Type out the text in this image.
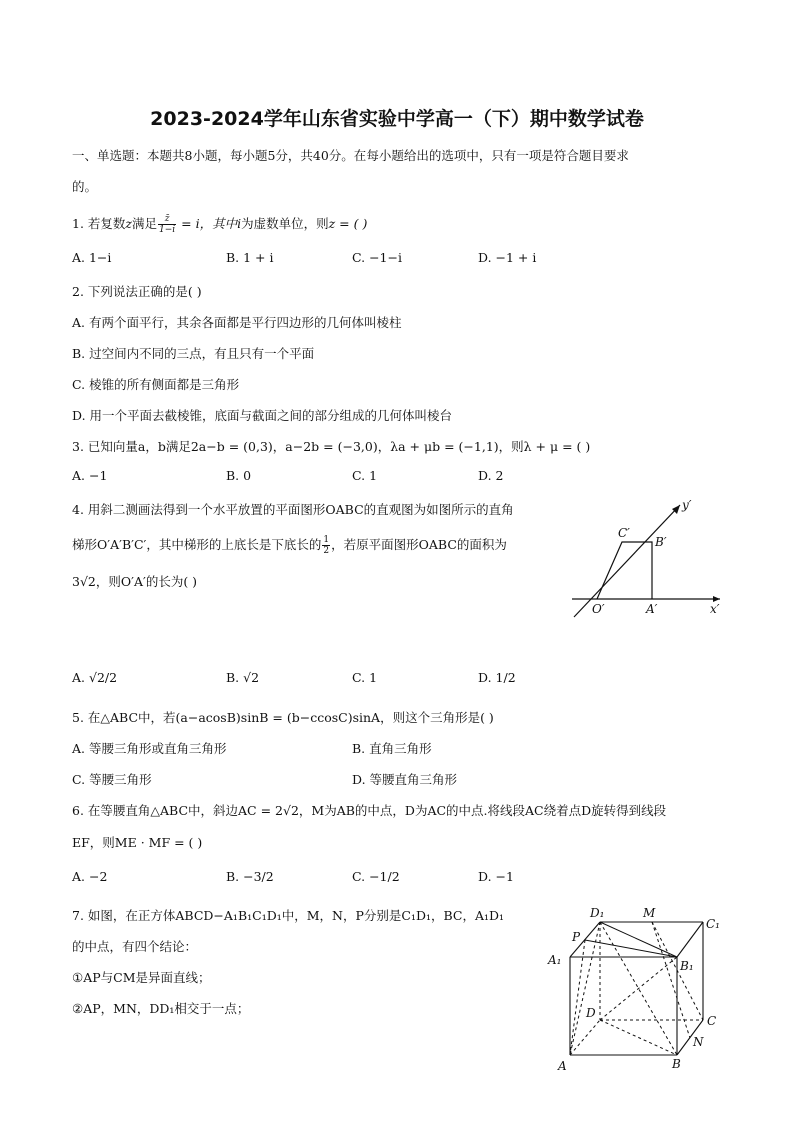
2023-2024学年山东省实验中学高一（下）期中数学试卷
一、单选题：本题共8小题，每小题5分，共40分。在每小题给出的选项中，只有一项是符合题目要求
的。
1. 若复数z满足 $\frac{z̄}{1-i} = i$，其中i为虚数单位，则z = ( )
A. 1−i	B. 1 + i	C. −1−i	D. −1 + i
2. 下列说法正确的是( )
A. 有两个面平行，其余各面都是平行四边形的几何体叫棱柱
B. 过空间内不同的三点，有且只有一个平面
C. 棱锥的所有侧面都是三角形
D. 用一个平面去截棱锥，底面与截面之间的部分组成的几何体叫棱台
3. 已知向量a，b满足2a−b = (0,3)，a−2b = (−3,0)，λa + μb = (−1,1)，则λ + μ = ( )
A. −1	B. 0	C. 1	D. 2
4. 用斜二测画法得到一个水平放置的平面图形OABC的直观图为如图所示的直角
梯形O′A′B′C′，其中梯形的上底长是下底长的 $\frac{1}{2}$ ，若原平面图形OABC的面积为
3√2，则O′A′的长为( )
y′
C′
B′
O′	A′	x′
A. √2/2	B. √2	C. 1	D. 1/2
5. 在△ABC中，若(a−acosB)sinB = (b−ccosC)sinA，则这个三角形是( )
A. 等腰三角形或直角三角形	B. 直角三角形
C. 等腰三角形	D. 等腰直角三角形
6. 在等腰直角△ABC中，斜边AC = 2√2，M为AB的中点，D为AC的中点.将线段AC绕着点D旋转得到线段
EF，则ME · MF = ( )
A. −2	B. −3/2	C. −1/2	D. −1
7. 如图，在正方体ABCD−A₁B₁C₁D₁中，M，N，P分别是C₁D₁，BC，A₁D₁
的中点，有四个结论：
①AP与CM是异面直线；
②AP，MN，DD₁相交于一点；
D₁	M
C₁
P
A₁	B₁
D
C
N
A	B
